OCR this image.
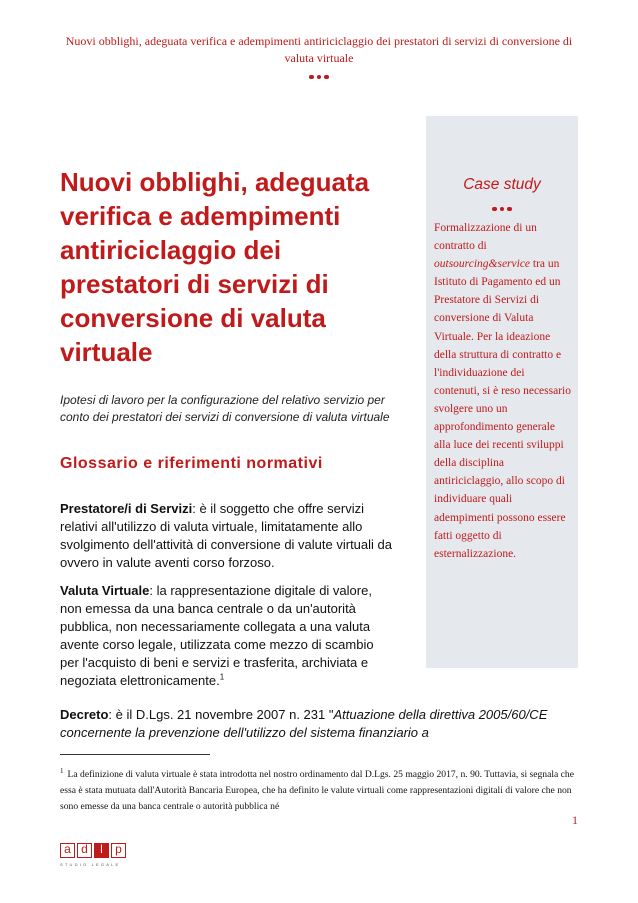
Nuovi obblighi, adeguata verifica e adempimenti antiriciclaggio dei prestatori di servizi di conversione di valuta virtuale
Nuovi obblighi, adeguata verifica e adempimenti antiriciclaggio dei prestatori di servizi di conversione di valuta virtuale

Ipotesi di lavoro per la configurazione del relativo servizio per conto dei prestatori dei servizi di conversione di valuta virtuale

Glossario e riferimenti normativi

Prestatore/i di Servizi: è il soggetto che offre servizi relativi all'utilizzo di valuta virtuale, limitatamente allo svolgimento dell'attività di conversione di valute virtuali da ovvero in valute aventi corso forzoso.

Valuta Virtuale: la rappresentazione digitale di valore, non emessa da una banca centrale o da un'autorità pubblica, non necessariamente collegata a una valuta avente corso legale, utilizzata come mezzo di scambio per l'acquisto di beni e servizi e trasferita, archiviata e negoziata elettronicamente.$^1$

Decreto: è il D.Lgs. 21 novembre 2007 n. 231 "Attuazione della direttiva 2005/60/CE concernente la prevenzione dell'utilizzo del sistema finanziario a

Case study

Formalizzazione di un contratto di outsourcing&service tra un Istituto di Pagamento ed un Prestatore di Servizi di conversione di Valuta Virtuale. Per la ideazione della struttura di contratto e l'individuazione dei contenuti, si è reso necessario svolgere uno un approfondimento generale alla luce dei recenti sviluppi della disciplina antiriciclaggio, allo scopo di individuare quali adempimenti possono essere fatti oggetto di esternalizzazione.

$^1$ La definizione di valuta virtuale è stata introdotta nel nostro ordinamento dal D.Lgs. 25 maggio 2017, n. 90. Tuttavia, si segnala che essa è stata mutuata dall'Autorità Bancaria Europea, che ha definito le valute virtuali come rappresentazioni digitali di valore che non sono emesse da una banca centrale o autorità pubblica né

1
a d	l	p
STUDIO LEGALE
